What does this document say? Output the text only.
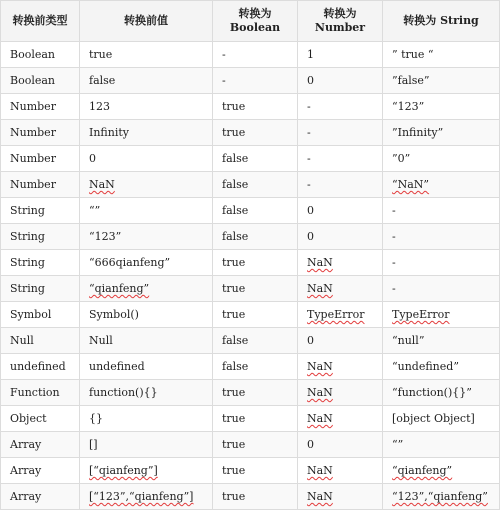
转换前类型	转换前值	转换为 Boolean	转换为 Number	转换为 String
Boolean	true	-	1	” true “
Boolean	false	-	0	”false”
Number	123	true	-	“123”
Number	Infinity	true	-	”Infinity”
Number	0	false	-	”0”
Number	NaN	false	-	“NaN”
String	“”	false	0	-
String	“123”	false	0	-
String	“666qianfeng”	true	NaN	-
String	“qianfeng”	true	NaN	-
Symbol	Symbol()	true	TypeError	TypeError
Null	Null	false	0	“null”
undefined	undefined	false	NaN	“undefined”
Function	function(){}	true	NaN	“function(){}”
Object	{}	true	NaN	[object Object]
Array	[]	true	0	“”
Array	[“qianfeng”]	true	NaN	“qianfeng”
Array	[“123”,“qianfeng”]	true	NaN	“123”,“qianfeng”
